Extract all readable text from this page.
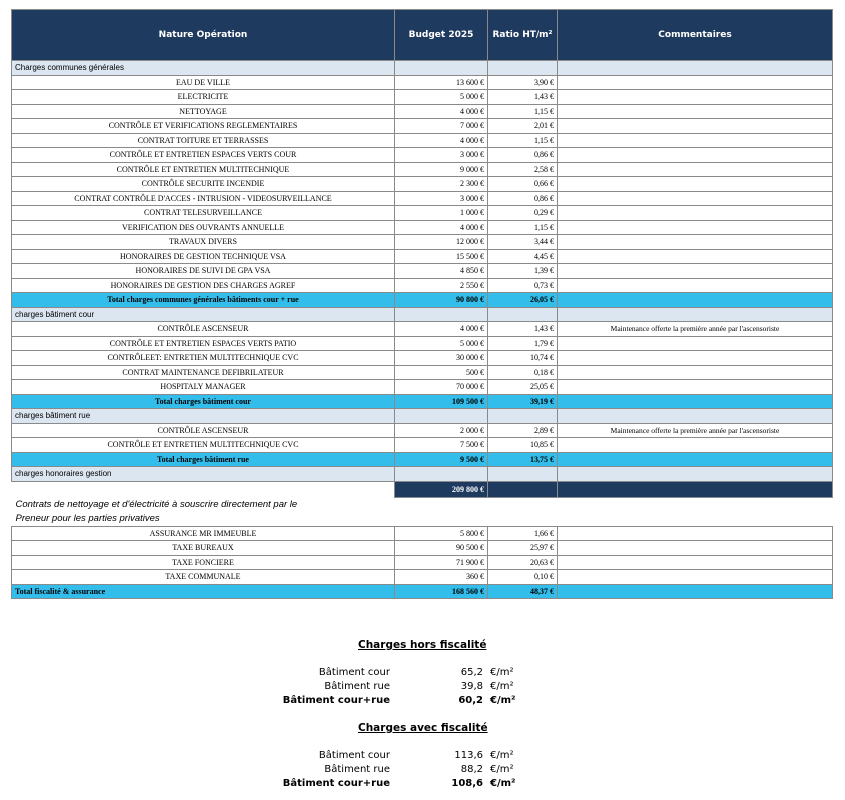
Nature Opération	Budget 2025	Ratio HT/m²	Commentaires
Charges communes générales			
EAU DE VILLE	13 600 €	3,90 €	
ELECTRICITE	5 000 €	1,43 €	
NETTOYAGE	4 000 €	1,15 €	
CONTRÔLE ET VERIFICATIONS REGLEMENTAIRES	7 000 €	2,01 €	
CONTRAT TOITURE ET TERRASSES	4 000 €	1,15 €	
CONTRÔLE ET ENTRETIEN ESPACES VERTS COUR	3 000 €	0,86 €	
CONTRÔLE ET ENTRETIEN MULTITECHNIQUE	9 000 €	2,58 €	
CONTRÔLE SECURITE INCENDIE	2 300 €	0,66 €	
CONTRAT CONTRÔLE D'ACCES - INTRUSION - VIDEOSURVEILLANCE	3 000 €	0,86 €	
CONTRAT TELESURVEILLANCE	1 000 €	0,29 €	
VERIFICATION DES OUVRANTS ANNUELLE	4 000 €	1,15 €	
TRAVAUX DIVERS	12 000 €	3,44 €	
HONORAIRES DE GESTION TECHNIQUE VSA	15 500 €	4,45 €	
HONORAIRES DE SUIVI DE GPA VSA	4 850 €	1,39 €	
HONORAIRES DE GESTION DES CHARGES AGREF	2 550 €	0,73 €	
Total charges communes générales bâtiments cour + rue	90 800 €	26,05 €	
charges bâtiment cour			
CONTRÔLE ASCENSEUR	4 000 €	1,43 €	Maintenance offerte la première année par l'ascensoriste
CONTRÔLE ET ENTRETIEN ESPACES VERTS PATIO	5 000 €	1,79 €	
CONTRÔLEET: ENTRETIEN MULTITECHNIQUE CVC	30 000 €	10,74 €	
CONTRAT MAINTENANCE DEFIBRILATEUR	500 €	0,18 €	
HOSPITALY MANAGER	70 000 €	25,05 €	
Total charges bâtiment cour	109 500 €	39,19 €	
charges bâtiment rue			
CONTRÔLE ASCENSEUR	2 000 €	2,89 €	Maintenance offerte la première année par l'ascensoriste
CONTRÔLE ET ENTRETIEN MULTITECHNIQUE CVC	7 500 €	10,85 €	
Total charges bâtiment rue	9 500 €	13,75 €	
charges honoraires gestion			
	209 800 €		
Contrats de nettoyage et d'électricité à souscrire directement par le			
Preneur pour les parties privatives			
ASSURANCE MR IMMEUBLE	5 800 €	1,66 €	
TAXE BUREAUX	90 500 €	25,97 €	
TAXE FONCIERE	71 900 €	20,63 €	
TAXE COMMUNALE	360 €	0,10 €	
Total fiscalité & assurance	168 560 €	48,37 €	
Charges hors fiscalité
Bâtiment cour	65,2 €/m²
Bâtiment rue	39,8 €/m²
Bâtiment cour+rue	60,2 €/m²
Charges avec fiscalité
Bâtiment cour	113,6 €/m²
Bâtiment rue	88,2 €/m²
Bâtiment cour+rue	108,6 €/m²
